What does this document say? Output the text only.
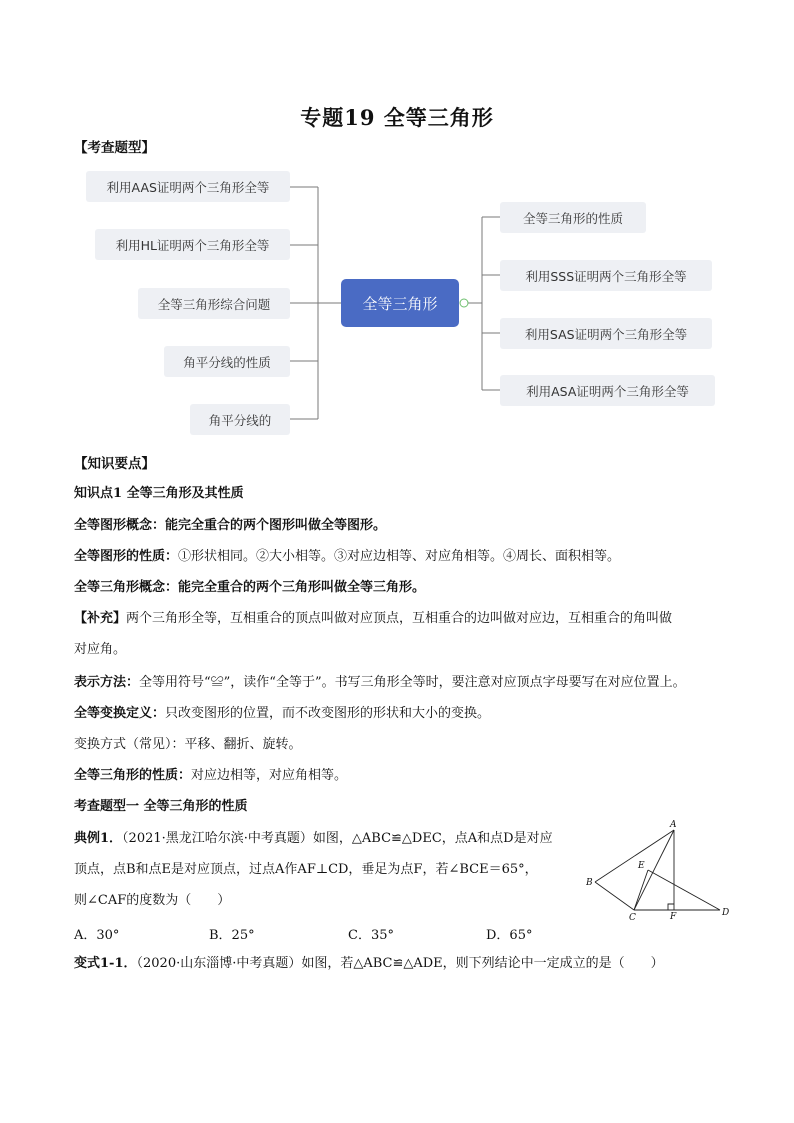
专题19 全等三角形
【考查题型】
利用AAS证明两个三角形全等
利用HL证明两个三角形全等
全等三角形综合问题
角平分线的性质
角平分线的
全等三角形
全等三角形的性质
利用SSS证明两个三角形全等
利用SAS证明两个三角形全等
利用ASA证明两个三角形全等
【知识要点】
知识点1 全等三角形及其性质
全等图形概念：能完全重合的两个图形叫做全等图形。
全等图形的性质：①形状相同。②大小相等。③对应边相等、对应角相等。④周长、面积相等。
全等三角形概念：能完全重合的两个三角形叫做全等三角形。
【补充】两个三角形全等，互相重合的顶点叫做对应顶点，互相重合的边叫做对应边，互相重合的角叫做
对应角。
表示方法：全等用符号“≌”，读作“全等于”。书写三角形全等时，要注意对应顶点字母要写在对应位置上。
全等变换定义：只改变图形的位置，而不改变图形的形状和大小的变换。
变换方式（常见）：平移、翻折、旋转。
全等三角形的性质：对应边相等，对应角相等。
考查题型一 全等三角形的性质
典例1．（2021·黑龙江哈尔滨·中考真题）如图，△ABC≌△DEC，点A和点D是对应
顶点，点B和点E是对应顶点，过点A作AF⊥CD，垂足为点F，若∠BCE＝65°，
则∠CAF的度数为（　　）
A．30°	B．25°	C．35°	D．65°
A
B
C	D
E
F
变式1-1．（2020·山东淄博·中考真题）如图，若△ABC≌△ADE，则下列结论中一定成立的是（　　）
